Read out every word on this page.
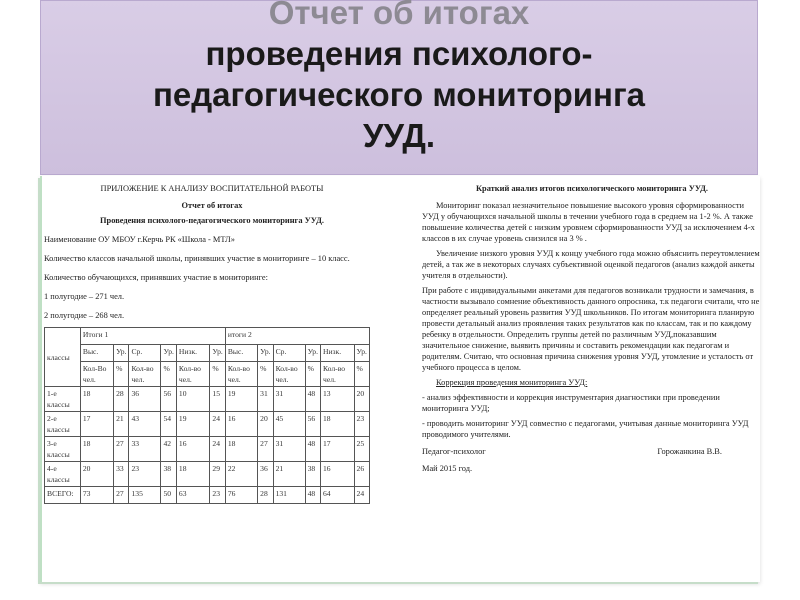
Отчет об итогах
проведения психолого-
педагогического мониторинга
УУД.
ПРИЛОЖЕНИЕ К АНАЛИЗУ ВОСПИТАТЕЛЬНОЙ РАБОТЫ
Отчет об итогах
Проведения психолого-педагогического мониторинга УУД.
Наименование ОУ МБОУ г.Керчь РК «Школа - МТЛ»
Количество классов начальной школы, принявших участие в мониторинге – 10 класс.
Количество обучающихся, принявших участие в мониторинге:
1 полугодие – 271 чел.
2 полугодие – 268 чел.
классы	Итоги 1						итоги 2					
	Выс.	Ур.	Ср.	Ур.	Низк.	Ур.	Выс.	Ур.	Ср.	Ур.	Низк.	Ур.
	Кол-Во чел.	%	Кол-во чел.	%	Кол-во чел.	%	Кол-во чел.	%	Кол-во чел.	%	Кол-во чел.	%
1-е классы	18	28	36	56	10	15	19	31	31	48	13	20
2-е классы	17	21	43	54	19	24	16	20	45	56	18	23
3-е классы	18	27	33	42	16	24	18	27	31	48	17	25
4-е классы	20	33	23	38	18	29	22	36	21	38	16	26
ВСЕГО:	73	27	135	50	63	23	76	28	131	48	64	24
Краткий анализ итогов психологического мониторинга УУД.

Мониторинг показал незначительное повышение высокого уровня сформированности УУД у обучающихся начальной школы в течении учебного года в среднем на 1-2 %. А также повышение количества детей с низким уровнем сформированности УУД за исключением 4-х классов в их случае уровень снизился на 3 % .

Увеличение низкого уровня УУД к концу учебного года можно объяснить переутомлением детей, а так же в некоторых случаях субъективной оценкой педагогов (анализ каждой анкеты учителя в отдельности).

При работе с индивидуальными анкетами для педагогов возникали трудности и замечания, в частности вызывало сомнение объективность данного опросника, т.к педагоги считали, что не определяет реальный уровень развития УУД школьников. По итогам мониторинга планирую провести детальный анализ проявления таких результатов как по классам, так и по каждому ребенку в отдельности. Определить группы детей по различным УУД,показавшим значительное снижение, выявить причины и составить рекомендации как педагогам и родителям. Считаю, что основная причина снижения уровня УУД, утомление и усталость от учебного процесса в целом.

Коррекция проведения мониторинга УУД:

- анализ эффективности и коррекция инструментария диагностики при проведении мониторинга УУД;

- проводить мониторинг УУД совместно с педагогами, учитывая данные мониторинга УУД проводимого учителями.

Педагог-психолог	Горожанкина В.В.
Май 2015 год.
